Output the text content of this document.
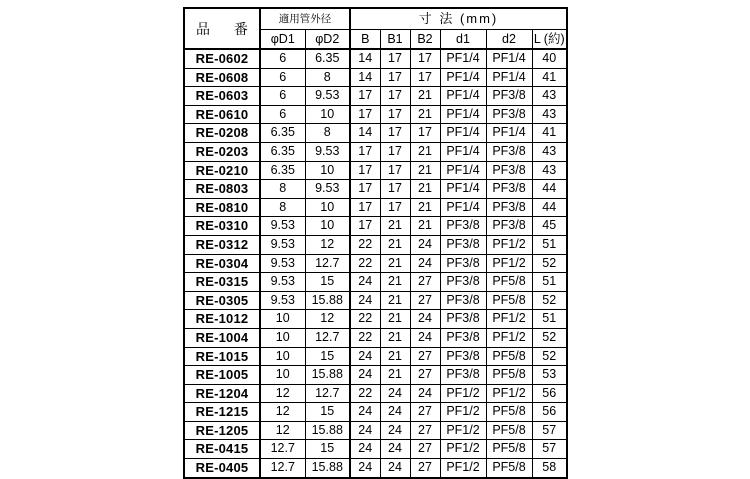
品 番	適用管外径		寸 法 (mm)					
	φD1	φD2	B	B1	B2	d1	d2	L (約)
RE-0602	6	6.35	14	17	17	PF1/4	PF1/4	40
RE-0608	6	8	14	17	17	PF1/4	PF1/4	41
RE-0603	6	9.53	17	17	21	PF1/4	PF3/8	43
RE-0610	6	10	17	17	21	PF1/4	PF3/8	43
RE-0208	6.35	8	14	17	17	PF1/4	PF1/4	41
RE-0203	6.35	9.53	17	17	21	PF1/4	PF3/8	43
RE-0210	6.35	10	17	17	21	PF1/4	PF3/8	43
RE-0803	8	9.53	17	17	21	PF1/4	PF3/8	44
RE-0810	8	10	17	17	21	PF1/4	PF3/8	44
RE-0310	9.53	10	17	21	21	PF3/8	PF3/8	45
RE-0312	9.53	12	22	21	24	PF3/8	PF1/2	51
RE-0304	9.53	12.7	22	21	24	PF3/8	PF1/2	52
RE-0315	9.53	15	24	21	27	PF3/8	PF5/8	51
RE-0305	9.53	15.88	24	21	27	PF3/8	PF5/8	52
RE-1012	10	12	22	21	24	PF3/8	PF1/2	51
RE-1004	10	12.7	22	21	24	PF3/8	PF1/2	52
RE-1015	10	15	24	21	27	PF3/8	PF5/8	52
RE-1005	10	15.88	24	21	27	PF3/8	PF5/8	53
RE-1204	12	12.7	22	24	24	PF1/2	PF1/2	56
RE-1215	12	15	24	24	27	PF1/2	PF5/8	56
RE-1205	12	15.88	24	24	27	PF1/2	PF5/8	57
RE-0415	12.7	15	24	24	27	PF1/2	PF5/8	57
RE-0405	12.7	15.88	24	24	27	PF1/2	PF5/8	58
